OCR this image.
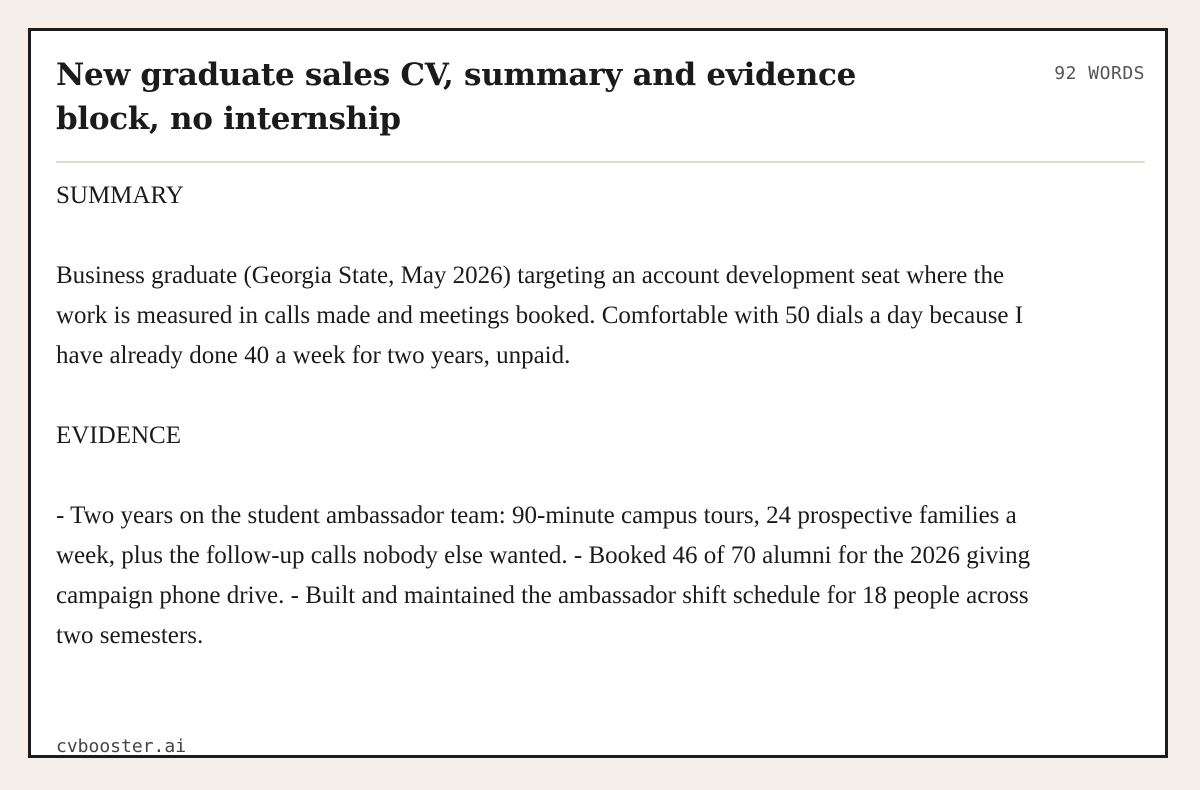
New graduate sales CV, summary and evidence block, no internship
92 WORDS

SUMMARY

Business graduate (Georgia State, May 2026) targeting an account development seat where the work is measured in calls made and meetings booked. Comfortable with 50 dials a day because I have already done 40 a week for two years, unpaid.

EVIDENCE

- Two years on the student ambassador team: 90-minute campus tours, 24 prospective families a week, plus the follow-up calls nobody else wanted. - Booked 46 of 70 alumni for the 2026 giving campaign phone drive. - Built and maintained the ambassador shift schedule for 18 people across two semesters.

cvbooster.ai
